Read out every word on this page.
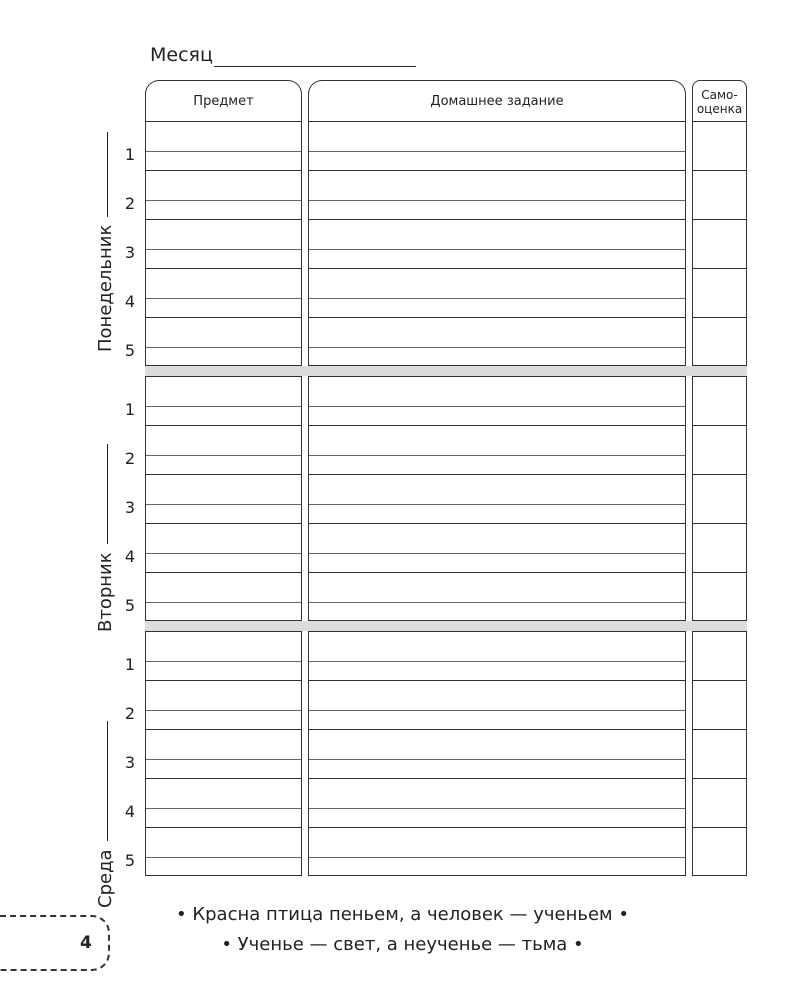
Месяц
Предмет	Домашнее задание	Само-
оценка
1
2
3
4
5
Понедельник
1
2
3
4
5
Вторник
1
2
3
4
5
Среда
• Красна птица пеньем, а человек — ученьем •
• Ученье — свет, а неученье — тьма •
4
